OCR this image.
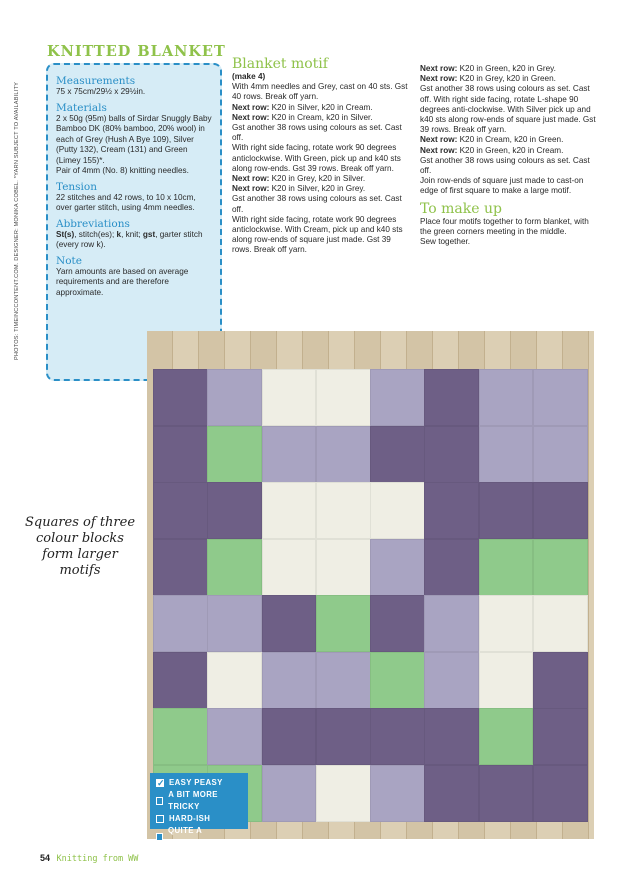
PHOTOS: TIMEINCCONTENT.COM. DESIGNER: MONIKA COBEL. *YARN SUBJECT TO AVAILABILITY
KNITTED BLANKET
Measurements

75 x 75cm/29½ x 29½in.

Materials

2 x 50g (95m) balls of Sirdar Snuggly Baby Bamboo DK (80% bamboo, 20% wool) in each of Grey (Hush A Bye 109), Silver (Putty 132), Cream (131) and Green (Limey 155)*.

Pair of 4mm (No. 8) knitting needles.

Tension

22 stitches and 42 rows, to 10 x 10cm, over garter stitch, using 4mm needles.

Abbreviations

St(s), stitch(es); k, knit; gst, garter stitch (every row k).

Note

Yarn amounts are based on average requirements and are therefore approximate.

Blanket motif

(make 4)

With 4mm needles and Grey, cast on 40 sts. Gst 40 rows. Break off yarn.

Next row: K20 in Silver, k20 in Cream.

Next row: K20 in Cream, k20 in Silver.

Gst another 38 rows using colours as set. Cast off.

With right side facing, rotate work 90 degrees anticlockwise. With Green, pick up and k40 sts along row-ends. Gst 39 rows. Break off yarn.

Next row: K20 in Grey, k20 in Silver.

Next row: K20 in Silver, k20 in Grey.

Gst another 38 rows using colours as set. Cast off.

With right side facing, rotate work 90 degrees anticlockwise. With Cream, pick up and k40 sts along row-ends of square just made. Gst 39 rows. Break off yarn.

Next row: K20 in Green, k20 in Grey.

Next row: K20 in Grey, k20 in Green.

Gst another 38 rows using colours as set. Cast off. With right side facing, rotate L-shape 90 degrees anti-clockwise. With Silver pick up and k40 sts along row-ends of square just made. Gst 39 rows. Break off yarn.

Next row: K20 in Cream, k20 in Green.

Next row: K20 in Green, k20 in Cream.

Gst another 38 rows using colours as set. Cast off.

Join row-ends of square just made to cast-on edge of first square to make a large motif.

To make up

Place four motifs together to form blanket, with the green corners meeting in the middle.

Sew together.

Squares of three colour blocks form larger motifs
✓
EASY PEASY
A BIT MORE TRICKY
HARD-ISH
QUITE A CHALLENGE
54 Knitting from WW
